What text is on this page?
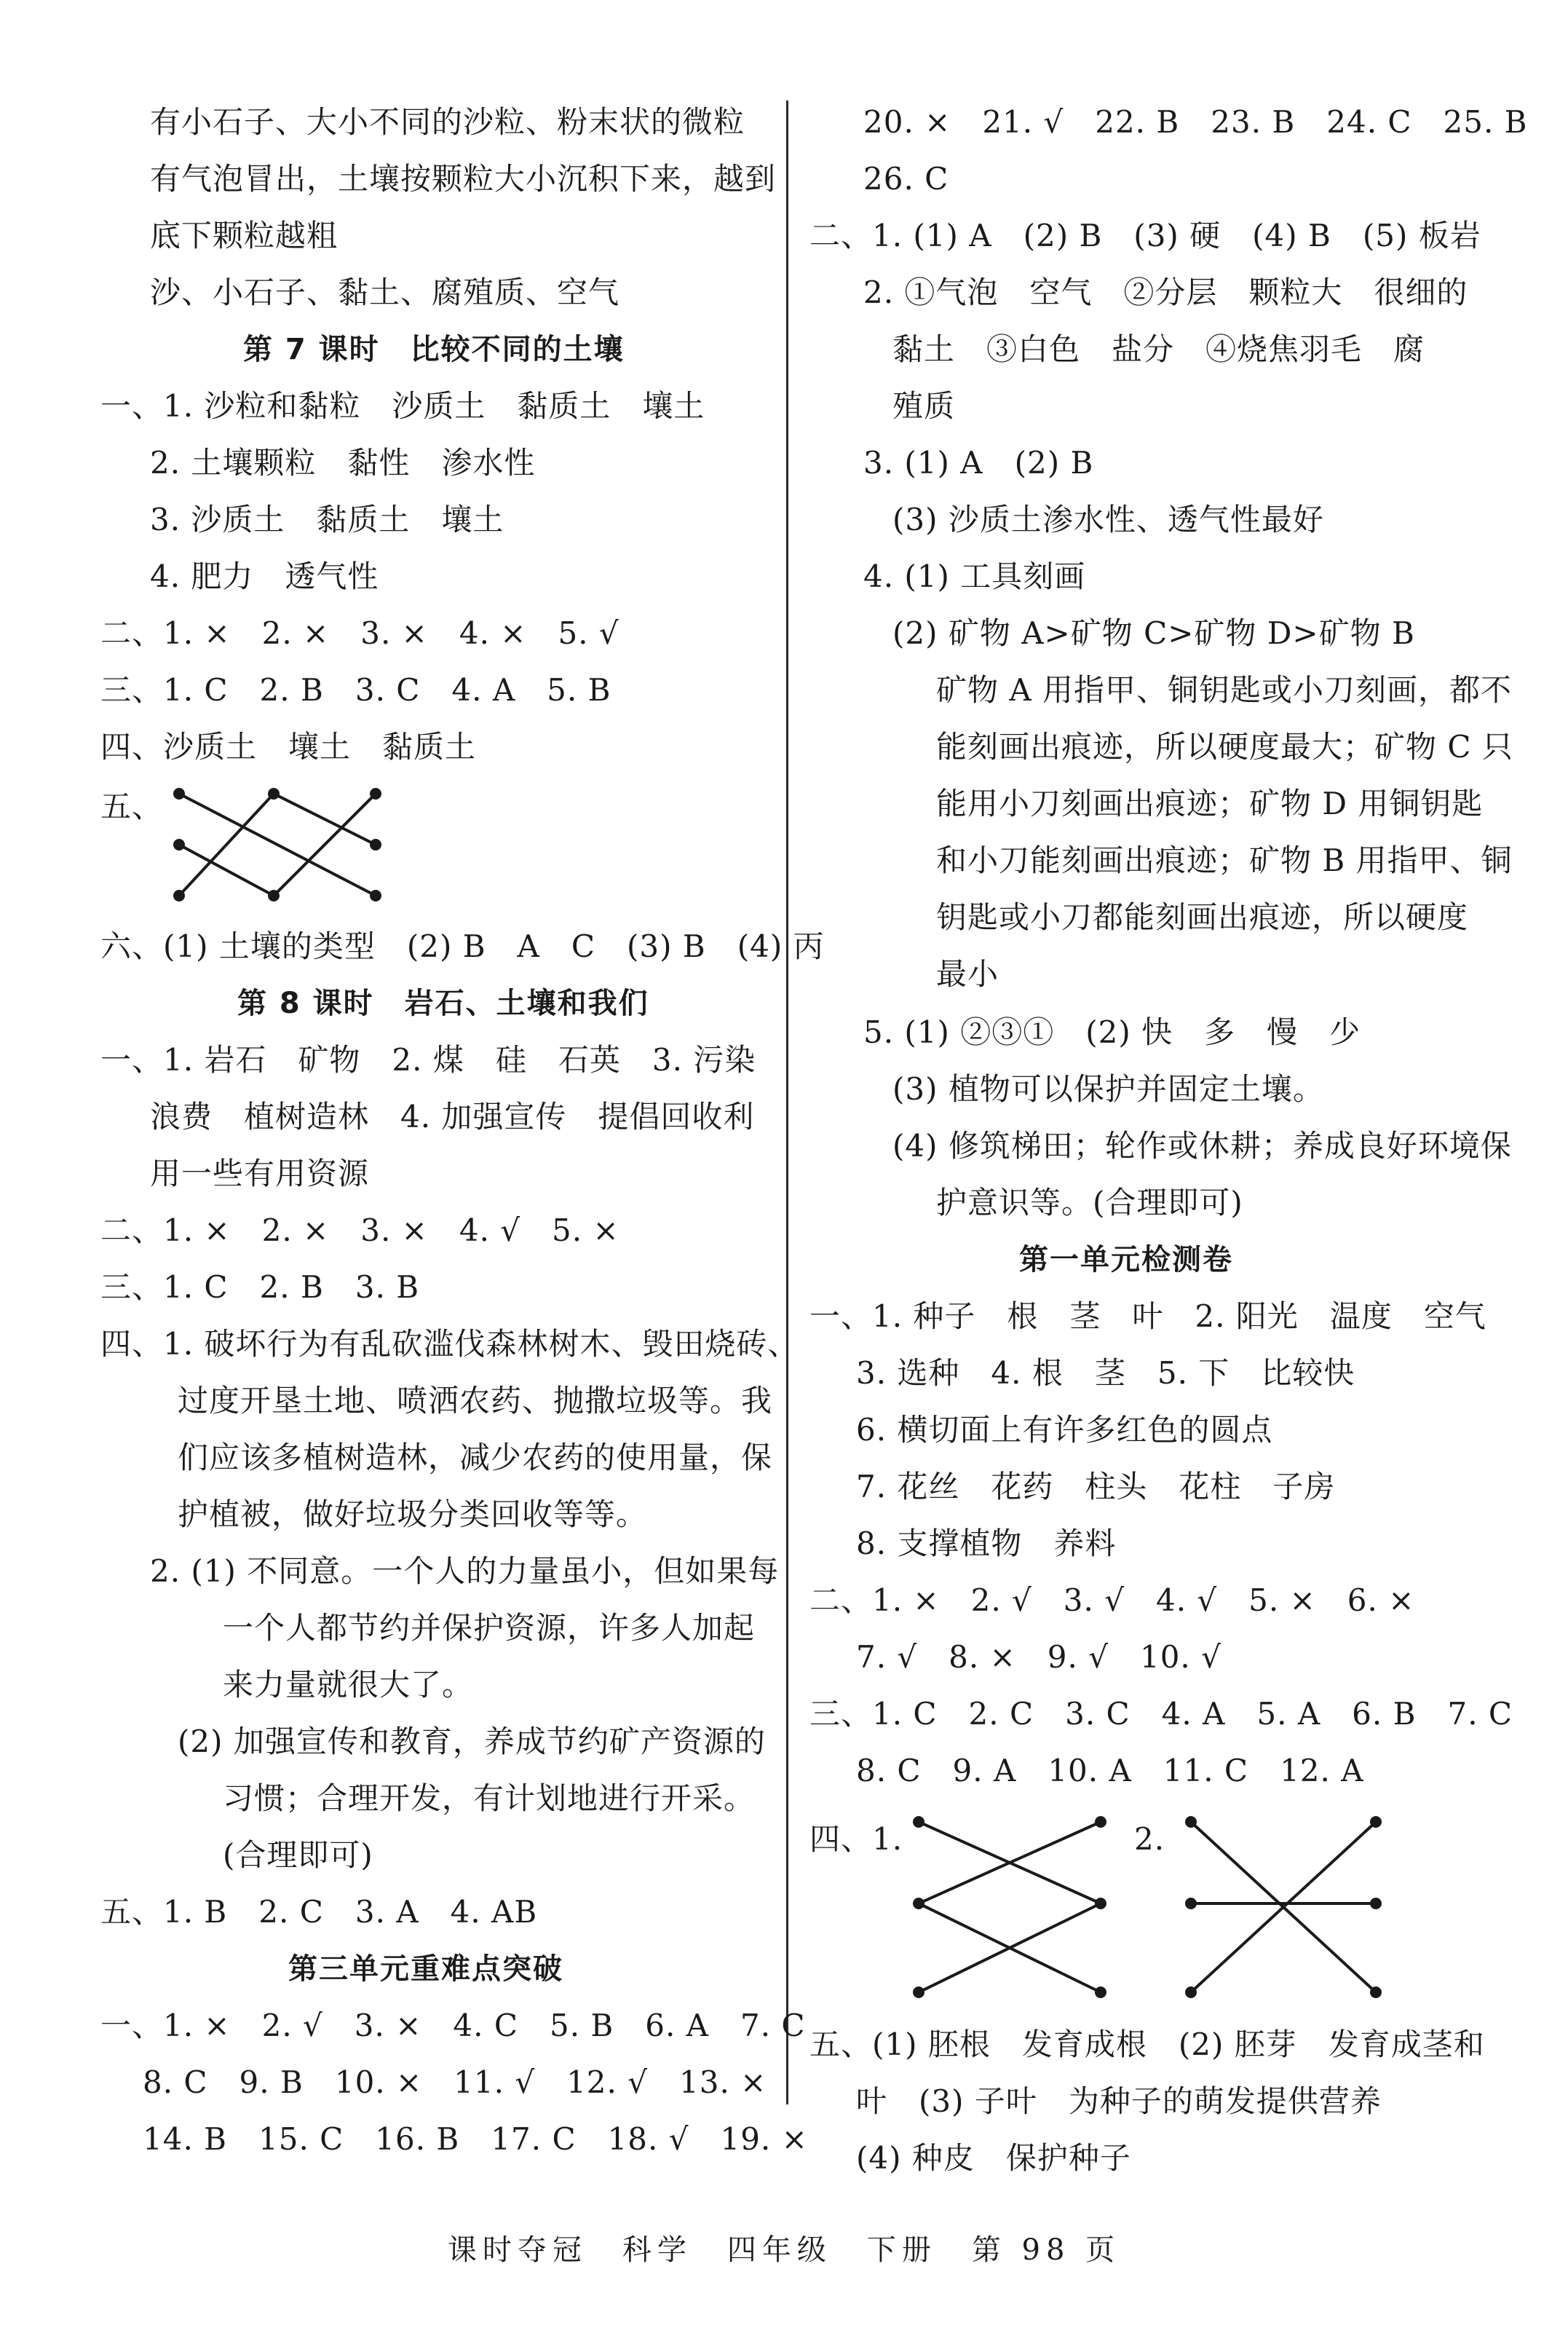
有小石子、大小不同的沙粒、粉末状的微粒
有气泡冒出，土壤按颗粒大小沉积下来，越到
底下颗粒越粗
沙、小石子、黏土、腐殖质、空气
第 7 课时　比较不同的土壤
一、1. 沙粒和黏粒　沙质土　黏质土　壤土
2. 土壤颗粒　黏性　渗水性
3. 沙质土　黏质土　壤土
4. 肥力　透气性
二、1. ×　2. ×　3. ×　4. ×　5. √
三、1. C　2. B　3. C　4. A　5. B
四、沙质土　壤土　黏质土
五、
六、(1) 土壤的类型　(2) B　A　C　(3) B　(4) 丙
第 8 课时　岩石、土壤和我们
一、1. 岩石　矿物　2. 煤　硅　石英　3. 污染
浪费　植树造林　4. 加强宣传　提倡回收利
用一些有用资源
二、1. ×　2. ×　3. ×　4. √　5. ×
三、1. C　2. B　3. B
四、1. 破坏行为有乱砍滥伐森林树木、毁田烧砖、
过度开垦土地、喷洒农药、抛撒垃圾等。我
们应该多植树造林，减少农药的使用量，保
护植被，做好垃圾分类回收等等。
2. (1) 不同意。一个人的力量虽小，但如果每
一个人都节约并保护资源，许多人加起
来力量就很大了。
(2) 加强宣传和教育，养成节约矿产资源的
习惯；合理开发，有计划地进行开采。
(合理即可)
五、1. B　2. C　3. A　4. AB
第三单元重难点突破
一、1. ×　2. √　3. ×　4. C　5. B　6. A　7. C
8. C　9. B　10. ×　11. √　12. √　13. ×
14. B　15. C　16. B　17. C　18. √　19. ×
20. ×　21. √　22. B　23. B　24. C　25. B
26. C
二、1. (1) A　(2) B　(3) 硬　(4) B　(5) 板岩
2. ①气泡　空气　②分层　颗粒大　很细的
黏土　③白色　盐分　④烧焦羽毛　腐
殖质
3. (1) A　(2) B
(3) 沙质土渗水性、透气性最好
4. (1) 工具刻画
(2) 矿物 A>矿物 C>矿物 D>矿物 B
矿物 A 用指甲、铜钥匙或小刀刻画，都不
能刻画出痕迹，所以硬度最大；矿物 C 只
能用小刀刻画出痕迹；矿物 D 用铜钥匙
和小刀能刻画出痕迹；矿物 B 用指甲、铜
钥匙或小刀都能刻画出痕迹，所以硬度
最小
5. (1) ②③①　(2) 快　多　慢　少
(3) 植物可以保护并固定土壤。
(4) 修筑梯田；轮作或休耕；养成良好环境保
护意识等。(合理即可)
第一单元检测卷
一、1. 种子　根　茎　叶　2. 阳光　温度　空气
3. 选种　4. 根　茎　5. 下　比较快
6. 横切面上有许多红色的圆点
7. 花丝　花药　柱头　花柱　子房
8. 支撑植物　养料
二、1. ×　2. √　3. √　4. √　5. ×　6. ×
7. √　8. ×　9. √　10. √
三、1. C　2. C　3. C　4. A　5. A　6. B　7. C
8. C　9. A　10. A　11. C　12. A
四、1.	2.
五、(1) 胚根　发育成根　(2) 胚芽　发育成茎和
叶　(3) 子叶　为种子的萌发提供营养
(4) 种皮　保护种子
课时夺冠　科学　四年级　下册　第 98 页
